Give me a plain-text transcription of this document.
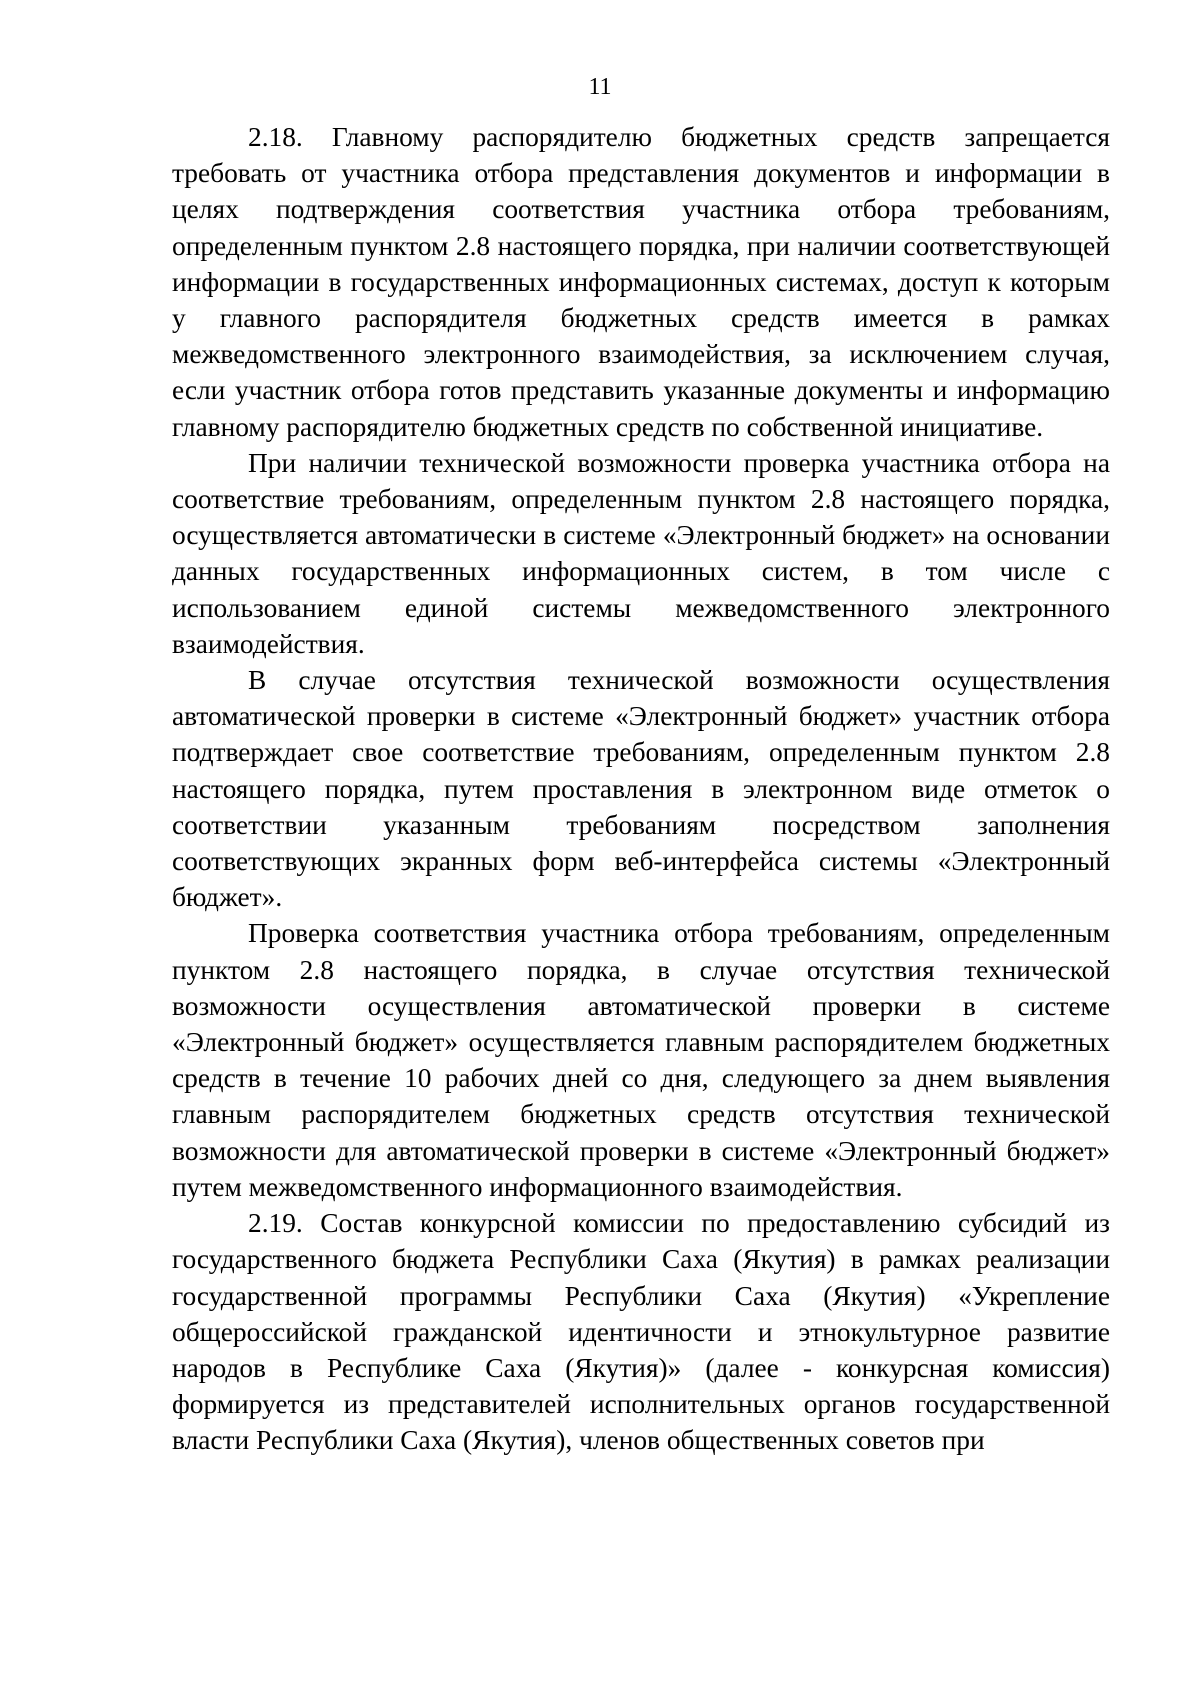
11

2.18. Главному распорядителю бюджетных средств запрещается требовать от участника отбора представления документов и информации в целях подтверждения соответствия участника отбора требованиям, определенным пунктом 2.8 настоящего порядка, при наличии соответствующей информации в государственных информационных системах, доступ к которым у главного распорядителя бюджетных средств имеется в рамках межведомственного электронного взаимодействия, за исключением случая, если участник отбора готов представить указанные документы и информацию главному распорядителю бюджетных средств по собственной инициативе.

При наличии технической возможности проверка участника отбора на соответствие требованиям, определенным пунктом 2.8 настоящего порядка, осуществляется автоматически в системе «Электронный бюджет» на основании данных государственных информационных систем, в том числе с использованием единой системы межведомственного электронного взаимодействия.

В случае отсутствия технической возможности осуществления автоматической проверки в системе «Электронный бюджет» участник отбора подтверждает свое соответствие требованиям, определенным пунктом 2.8 настоящего порядка, путем проставления в электронном виде отметок о соответствии указанным требованиям посредством заполнения соответствующих экранных форм веб-интерфейса системы «Электронный бюджет».

Проверка соответствия участника отбора требованиям, определенным пунктом 2.8 настоящего порядка, в случае отсутствия технической возможности осуществления автоматической проверки в системе «Электронный бюджет» осуществляется главным распорядителем бюджетных средств в течение 10 рабочих дней со дня, следующего за днем выявления главным распорядителем бюджетных средств отсутствия технической возможности для автоматической проверки в системе «Электронный бюджет» путем межведомственного информационного взаимодействия.

2.19. Состав конкурсной комиссии по предоставлению субсидий из государственного бюджета Республики Саха (Якутия) в рамках реализации государственной программы Республики Саха (Якутия) «Укрепление общероссийской гражданской идентичности и этнокультурное развитие народов в Республике Саха (Якутия)» (далее - конкурсная комиссия) формируется из представителей исполнительных органов государственной власти Республики Саха (Якутия), членов общественных советов при
